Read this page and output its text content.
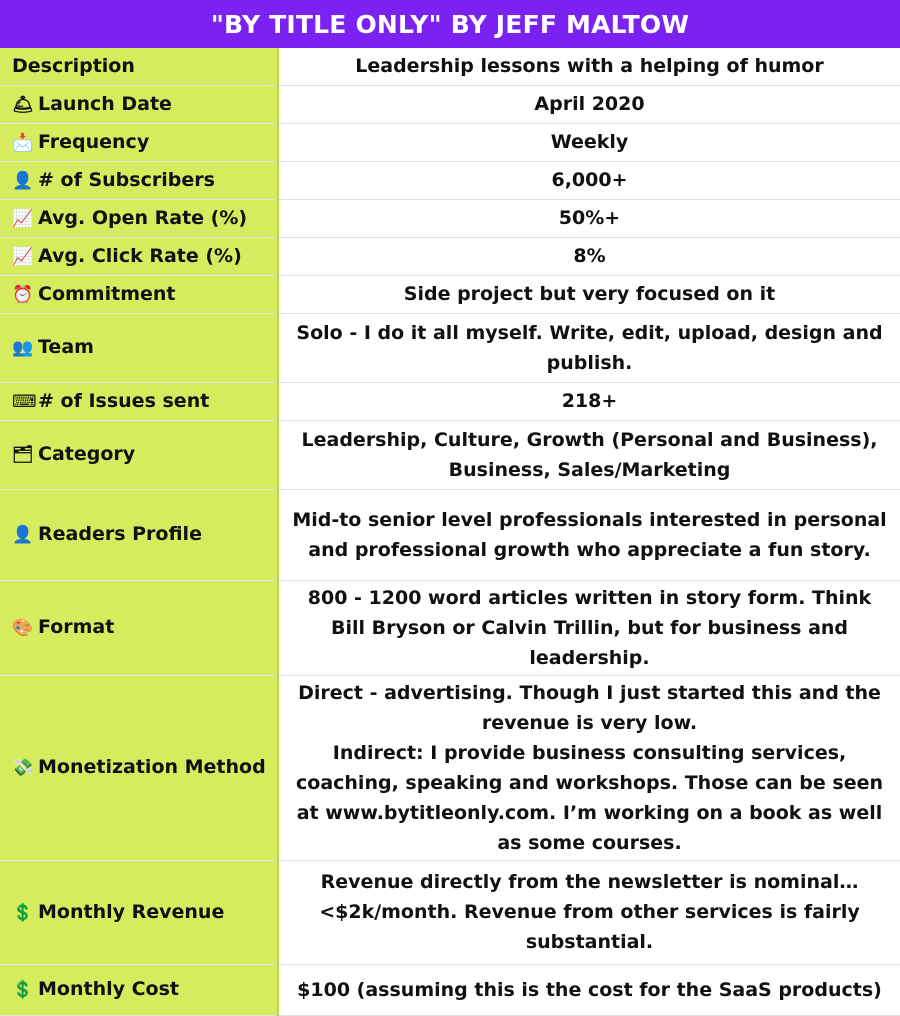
"BY TITLE ONLY" BY JEFF MALTOW
Description	Leadership lessons with a helping of humor
🛎 Launch Date	April 2020
📩 Frequency	Weekly
👤 # of Subscribers	6,000+
📈 Avg. Open Rate (%)	50%+
📈 Avg. Click Rate (%)	8%
⏰ Commitment	Side project but very focused on it
👥 Team	Solo - I do it all myself. Write, edit, upload, design and publish.
⌨# of Issues sent	218+
🗂 Category	Leadership, Culture, Growth (Personal and Business), Business, Sales/Marketing
👤 Readers Profile	Mid-to senior level professionals interested in personal and professional growth who appreciate a fun story.
🎨 Format	800 - 1200 word articles written in story form. Think Bill Bryson or Calvin Trillin, but for business and leadership.
💸 Monetization Method	Direct - advertising. Though I just started this and the revenue is very low.
Indirect: I provide business consulting services, coaching, speaking and workshops. Those can be seen at www.bytitleonly.com. I’m working on a book as well as some courses.

💲 Monthly Revenue	Revenue directly from the newsletter is nominal… <$2k/month. Revenue from other services is fairly substantial.
💲 Monthly Cost	$100 (assuming this is the cost for the SaaS products)
